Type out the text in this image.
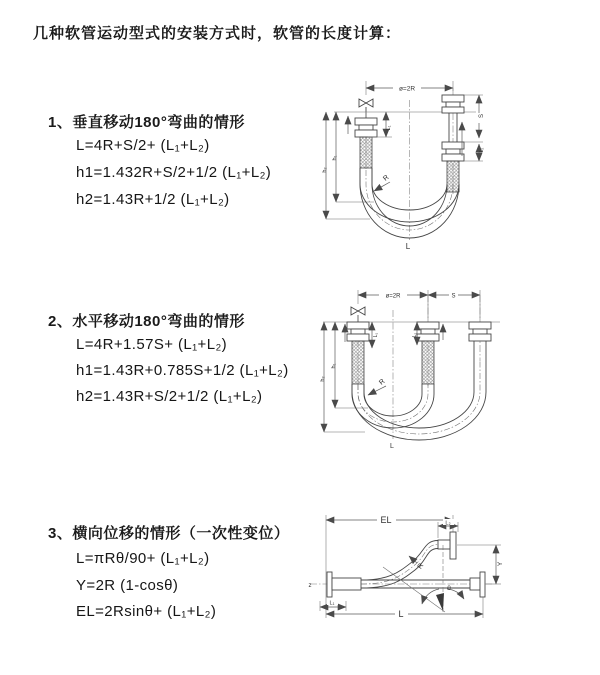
几种软管运动型式的安装方式时，软管的长度计算：
1、垂直移动180°弯曲的情形
L=4R+S/2+ (L₁+L₂)
h1=1.432R+S/2+1/2 (L₁+L₂)
h2=1.43R+1/2 (L₁+L₂)
2、水平移动180°弯曲的情形
L=4R+1.57S+ (L₁+L₂)
h1=1.43R+0.785S+1/2 (L₁+L₂)
h2=1.43R+S/2+1/2 (L₁+L₂)
3、横向位移的情形（一次性变位）
L=πRθ/90+ (L₁+L₂)
Y=2R (1-cosθ)
EL=2Rsinθ+ (L₁+L₂)
ø=2R
L₁
S
L₂
h₁
h₂
R
L
ø=2R	S
L₁	L₂
h₁
h₂	R
L
EL	L₂
Y
z
R
θ
L₁
L
